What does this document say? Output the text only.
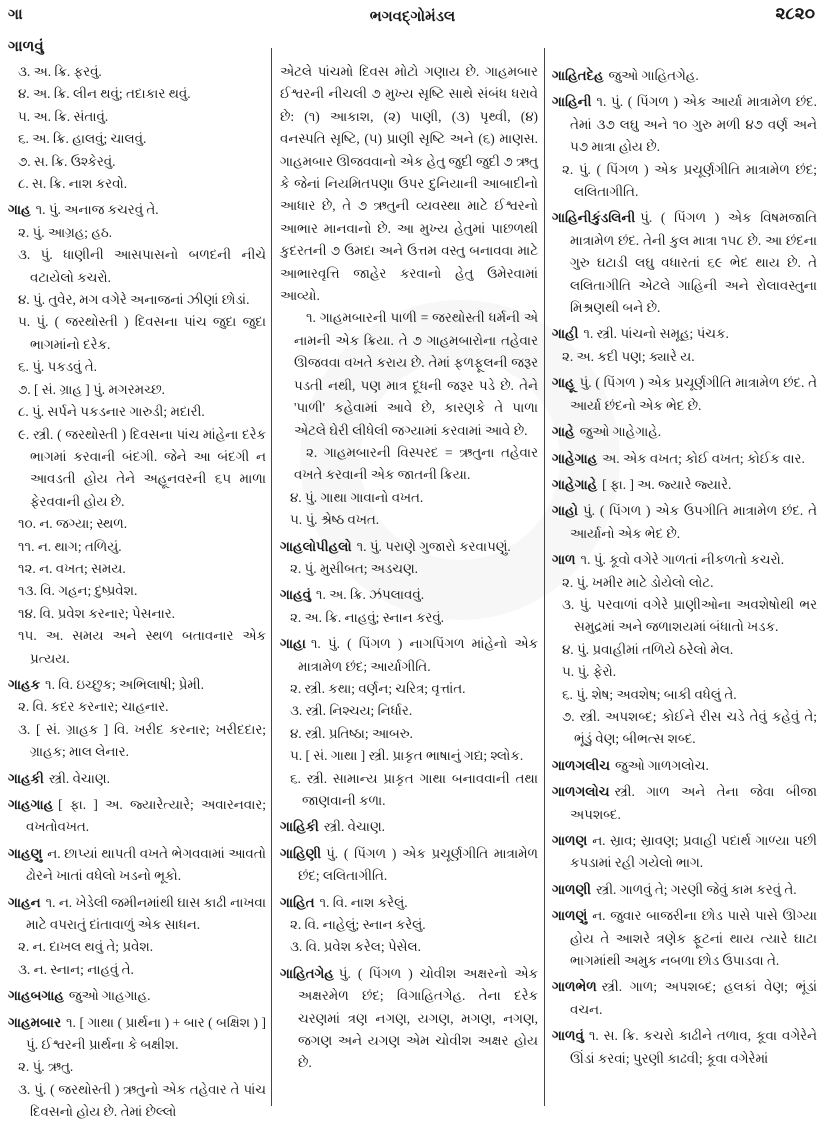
ગા	ભગવદ્ગોમંડલ	૨૮૨૦
ગાળવું

૩. અ. ક્રિ. ફરવું.

૪. અ. ક્રિ. લીન થવું; તદાકાર થવું.

૫. અ. ક્રિ. સંતાવું.

૬. અ. ક્રિ. હાલવું; ચાલવું.

૭. સ. ક્રિ. ઉશ્કેરવું.

૮. સ. ક્રિ. નાશ કરવો.

ગાહ ૧. પું. અનાજ કચરવું તે.

૨. પું. આગ્રહ; હઠ.

૩. પું. ધાણીની આસપાસનો બળદની નીચે વટાયેલો કચરો.

૪. પું. તુવેર, મગ વગેરે અનાજનાં ઝીણાં છોડાં.

૫. પું. ( જરથોસ્તી ) દિવસના પાંચ જુદા જુદા ભાગમાંનો દરેક.

૬. પું. પકડવું તે.

૭. [ સં. ગ્રાહ ] પું. મગરમચ્છ.

૮. પું. સર્પને પકડનાર ગારુડી; મદારી.

૯. સ્ત્રી. ( જરથોસ્તી ) દિવસના પાંચ માંહેના દરેક ભાગમાં કરવાની બંદગી. જેને આ બંદગી ન આવડતી હોય તેને અહૂનવરની ૬૫ માળા ફેરવવાની હોય છે.

૧૦. ન. જગ્યા; સ્થળ.

૧૧. ન. થાગ; તળિયું.

૧૨. ન. વખત; સમય.

૧૩. વિ. ગહન; દુષ્પ્રવેશ.

૧૪. વિ. પ્રવેશ કરનાર; પેસનાર.

૧૫. અ. સમય અને સ્થળ બતાવનાર એક પ્રત્યય.

ગાહક ૧. વિ. ઇચ્છુક; અભિલાષી; પ્રેમી.

૨. વિ. કદર કરનાર; ચાહનાર.

૩. [ સં. ગ્રાહક ] વિ. ખરીદ કરનાર; ખરીદદાર; ગ્રાહક; માલ લેનાર.

ગાહકી સ્ત્રી. વેચાણ.

ગાહગાહ [ ફા. ] અ. જ્યારેત્યારે; અવારનવાર; વખતોવખત.

ગાહણુ ન. છાપ્યાં થાપતી વખતે ભેગવવામાં આવતો ઢોરને ખાતાં વધેલો ખડનો ભૂકો.

ગાહન ૧. ન. ખેડેલી જમીનમાંથી ઘાસ કાઢી નાખવા માટે વપરાતું દાંતાવાળું એક સાધન.

૨. ન. દાખલ થવું તે; પ્રવેશ.

૩. ન. સ્નાન; નાહવું તે.

ગાહબગાહ જુઓ ગાહગાહ.

ગાહમબાર ૧. [ ગાથા ( પ્રાર્થના ) + બાર ( બક્ષિશ ) ] પું. ઈશ્વરની પ્રાર્થના કે બક્ષીશ.

૨. પું. ઋતુ.

૩. પું. ( જરથોસ્તી ) ઋતુનો એક તહેવાર તે પાંચ દિવસનો હોય છે. તેમાં છેલ્લો

એટલે પાંચમો દિવસ મોટો ગણાય છે. ગાહમબાર ઈશ્વરની નીચલી ૭ મુખ્ય સૃષ્ટિ સાથે સંબંધ ધરાવે છે: (૧) આકાશ, (૨) પાણી, (૩) પૃથ્વી, (૪) વનસ્પતિ સૃષ્ટિ, (૫) પ્રાણી સૃષ્ટિ અને (૬) માણસ. ગાહમબાર ઊજવવાનો એક હેતુ જુદી જુદી ૭ ઋતુ કે જેનાં નિયમિતપણા ઉપર દુનિયાની આબાદીનો આધાર છે, તે ૭ ઋતુની વ્યવસ્થા માટે ઈશ્વરનો આભાર માનવાનો છે. આ મુખ્ય હેતુમાં પાછળથી કુદરતની ૭ ઉમદા અને ઉત્તમ વસ્તુ બનાવવા માટે આભારવૃત્તિ જાહેર કરવાનો હેતુ ઉમેરવામાં આવ્યો.

૧. ગાહમબારની પાળી = જરથોસ્તી ધર્મની એ નામની એક ક્રિયા. તે ૭ ગાહમબારોના તહેવાર ઊજવવા વખતે કરાય છે. તેમાં ફળફૂલની જરૂર પડતી નથી, પણ માત્ર દૂધની જરૂર પડે છે. તેને 'પાળી' કહેવામાં આવે છે, કારણકે તે પાળા એટલે ઘેરી લીધેલી જગ્યામાં કરવામાં આવે છે.

૨. ગાહમબારની વિસ્પરદ = ઋતુના તહેવાર વખતે કરવાની એક જાતની ક્રિયા.

૪. પું. ગાથા ગાવાનો વખત.

૫. પું. શ્રેષ્ઠ વખત.

ગાહલોપીહલો ૧. પું. પરાણે ગુજારો કરવાપણું.

૨. પું. મુસીબત; અડચણ.

ગાહવું ૧. અ. ક્રિ. ઝંપલાવવું.

૨. અ. ક્રિ. નાહવું; સ્નાન કરવું.

ગાહા ૧. પું. ( પિંગળ ) નાગપિંગળ માંહેનો એક માત્રામેળ છંદ; આર્યાગીતિ.

૨. સ્ત્રી. કથા; વર્ણન; ચરિત્ર; વૃત્તાંત.

૩. સ્ત્રી. નિશ્ચય; નિર્ધાર.

૪. સ્ત્રી. પ્રતિષ્ઠા; આબરુ.

૫. [ સં. ગાથા ] સ્ત્રી. પ્રાકૃત ભાષાનું ગદ્ય; શ્લોક.

૬. સ્ત્રી. સામાન્ય પ્રાકૃત ગાથા બનાવવાની તથા જાણવાની કળા.

ગાહિકી સ્ત્રી. વેચાણ.

ગાહિણી પું. ( પિંગળ ) એક પ્રચૂર્ણગીતિ માત્રામેળ છંદ; લલિતાગીતિ.

ગાહિત ૧. વિ. નાશ કરેલું.

૨. વિ. નાહેલું; સ્નાન કરેલું.

૩. વિ. પ્રવેશ કરેલ; પેસેલ.

ગાહિતગેહ પું. ( પિંગળ ) ચોવીશ અક્ષરનો એક અક્ષરમેળ છંદ; વિગાહિતગેહ. તેના દરેક ચરણમાં ત્રણ નગણ, યગણ, મગણ, નગણ, જગણ અને યગણ એમ ચોવીશ અક્ષર હોય છે.

ગાહિતદેહ જુઓ ગાહિતગેહ.

ગાહિની ૧. પું. ( પિંગળ ) એક આર્યા માત્રામેળ છંદ. તેમાં ૩૭ લઘુ અને ૧૦ ગુરુ મળી ૪૭ વર્ણ અને ૫૭ માત્રા હોય છે.

૨. પું. ( પિંગળ ) એક પ્રચૂર્ણગીતિ માત્રામેળ છંદ; લલિતાગીતિ.

ગાહિનીકુંડલિની પું. ( પિંગળ ) એક વિષમજાતિ માત્રામેળ છંદ. તેની કુલ માત્રા ૧૫૮ છે. આ છંદના ગુરુ ઘટાડી લઘુ વધારતાં ૬૯ ભેદ થાય છે. તે લલિતાગીતિ એટલે ગાહિની અને રોલાવસ્તુના મિશ્રણથી બને છે.

ગાહી ૧. સ્ત્રી. પાંચનો સમૂહ; પંચક.

૨. અ. કદી પણ; ક્યારે ય.

ગાહૂ પું. ( પિંગળ ) એક પ્રચૂર્ણગીતિ માત્રામેળ છંદ. તે આર્યા છંદનો એક ભેદ છે.

ગાહે જુઓ ગાહેગાહે.

ગાહેગાહ અ. એક વખત; કોઈ વખત; કોઈક વાર.

ગાહેગાહે [ ફા. ] અ. જ્યારે જ્યારે.

ગાહો પું. ( પિંગળ ) એક ઉપગીતિ માત્રામેળ છંદ. તે આર્યાનો એક ભેદ છે.

ગાળ ૧. પું. કૂવો વગેરે ગાળતાં નીકળતો કચરો.

૨. પું. ખમીર માટે ડોયેલો લોટ.

૩. પું. પરવાળાં વગેરે પ્રાણીઓના અવશેષોથી ભર સમુદ્રમાં અને જળાશયમાં બંધાતો ખડક.

૪. પું. પ્રવાહીમાં તળિયે ઠરેલો મેલ.

૫. પું. ફેરો.

૬. પું. શેષ; અવશેષ; બાકી વધેલું તે.

૭. સ્ત્રી. અપશબ્દ; કોઈને રીસ ચડે તેવું કહેવું તે; ભૂંડું વેણ; બીભત્સ શબ્દ.

ગાળગલીચ જુઓ ગાળગલોચ.

ગાળગલોચ સ્ત્રી. ગાળ અને તેના જેવા બીજા અપશબ્દ.

ગાળણ ન. સ્રાવ; સ્રાવણ; પ્રવાહી પદાર્થ ગાળ્યા પછી કપડામાં રહી ગયેલો ભાગ.

ગાળણી સ્ત્રી. ગાળવું તે; ગરણી જેવું કામ કરવું તે.

ગાળણું ન. જુવાર બાજરીના છોડ પાસે પાસે ઊગ્યા હોય તે આશરે ત્રણેક ફૂટનાં થાય ત્યારે ઘાટા ભાગમાંથી અમુક નબળા છોડ ઉપાડવા તે.

ગાળભેળ સ્ત્રી. ગાળ; અપશબ્દ; હલકાં વેણ; ભૂંડાં વચન.

ગાળવું ૧. સ. ક્રિ. કચરો કાઢીને તળાવ, કૂવા વગેરેને ઊંડાં કરવાં; પુરણી કાઢવી; કૂવા વગેરેમાં
